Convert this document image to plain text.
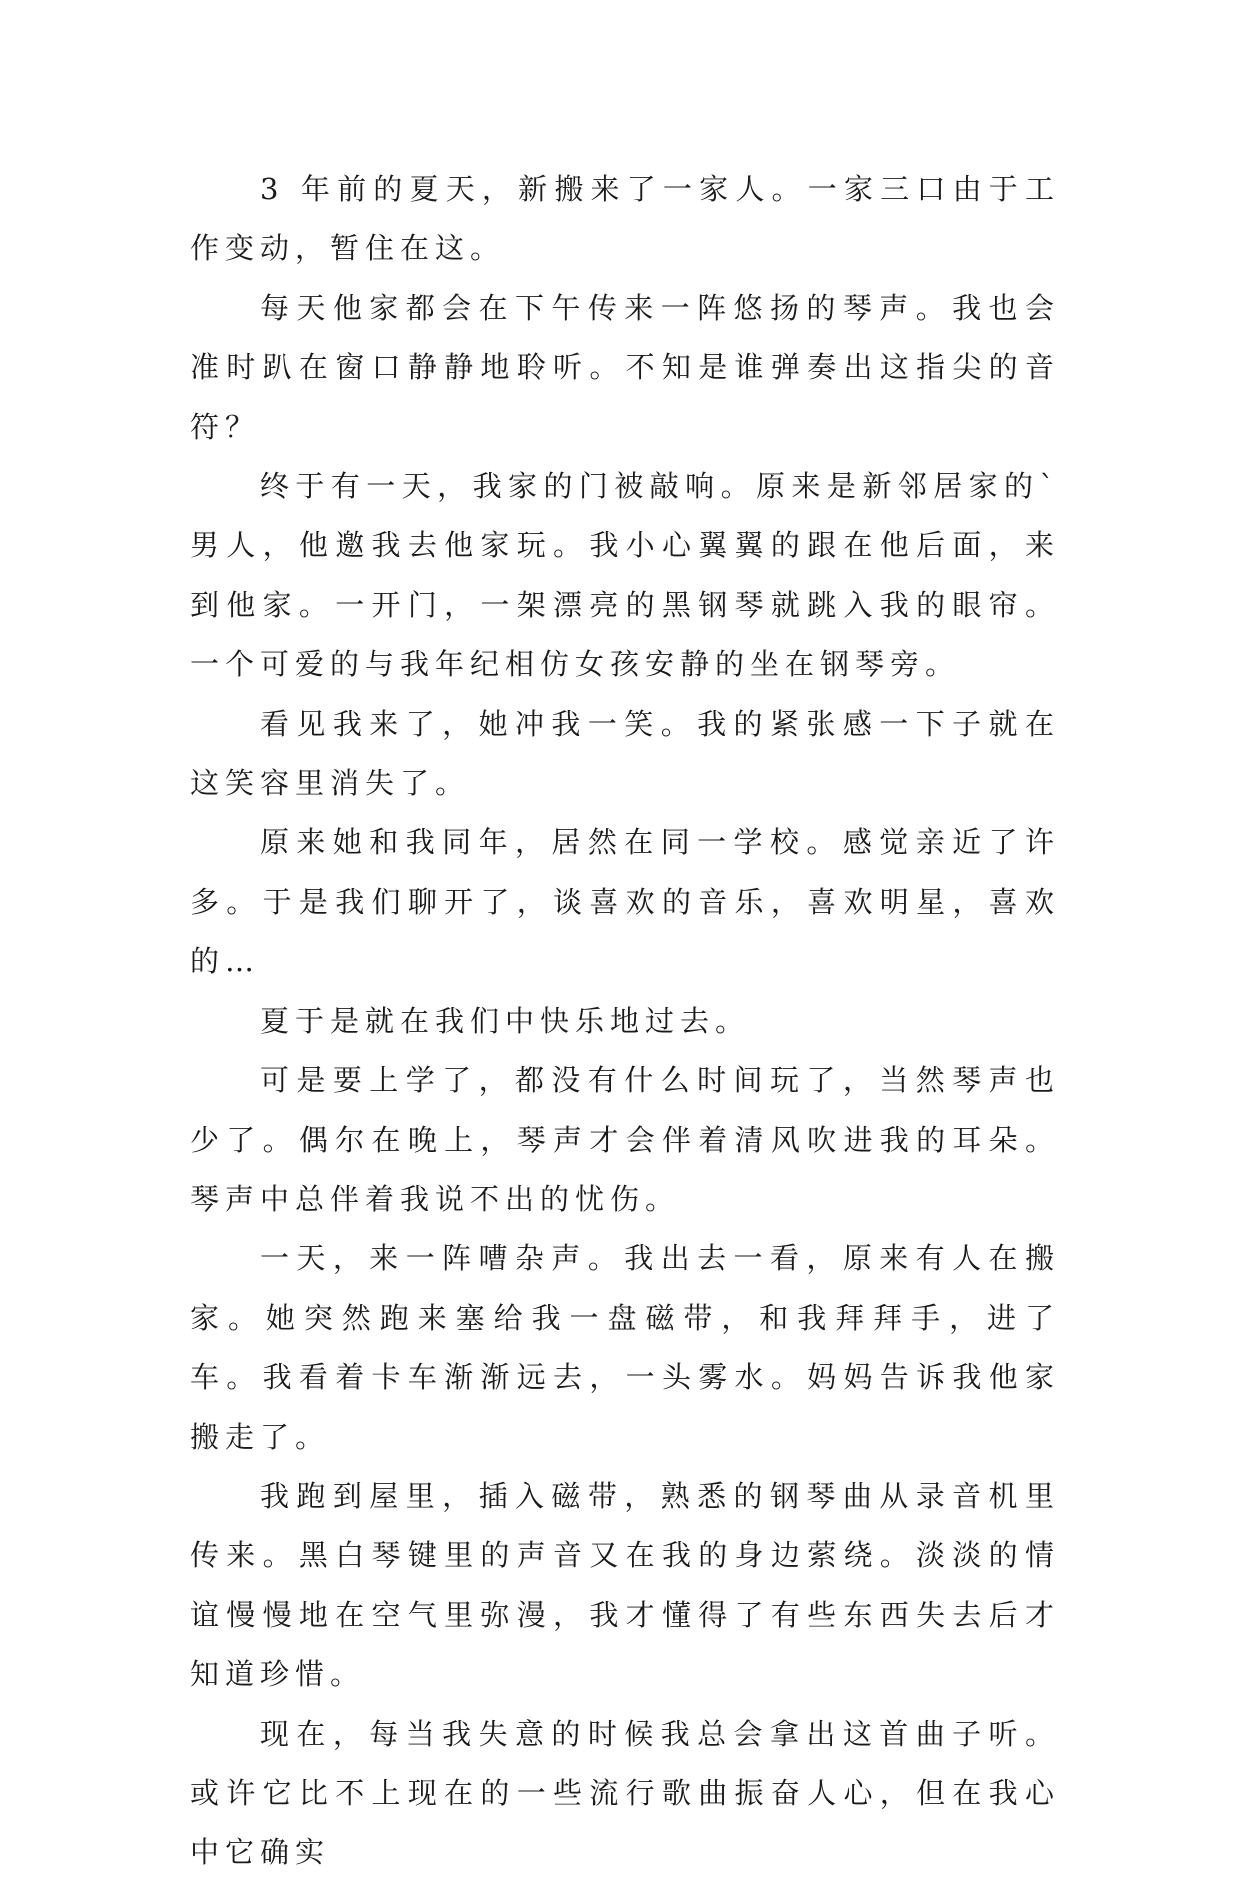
3 年前的夏天，新搬来了一家人。一家三口由于工作变动，暂住在这。

每天他家都会在下午传来一阵悠扬的琴声。我也会准时趴在窗口静静地聆听。不知是谁弹奏出这指尖的音符？

终于有一天，我家的门被敲响。原来是新邻居家的`男人，他邀我去他家玩。我小心翼翼的跟在他后面，来到他家。一开门，一架漂亮的黑钢琴就跳入我的眼帘。一个可爱的与我年纪相仿女孩安静的坐在钢琴旁。

看见我来了，她冲我一笑。我的紧张感一下子就在这笑容里消失了。

原来她和我同年，居然在同一学校。感觉亲近了许多。于是我们聊开了，谈喜欢的音乐，喜欢明星，喜欢的…

夏于是就在我们中快乐地过去。

可是要上学了，都没有什么时间玩了，当然琴声也少了。偶尔在晚上，琴声才会伴着清风吹进我的耳朵。琴声中总伴着我说不出的忧伤。

一天，来一阵嘈杂声。我出去一看，原来有人在搬家。她突然跑来塞给我一盘磁带，和我拜拜手，进了车。我看着卡车渐渐远去，一头雾水。妈妈告诉我他家搬走了。

我跑到屋里，插入磁带，熟悉的钢琴曲从录音机里传来。黑白琴键里的声音又在我的身边萦绕。淡淡的情谊慢慢地在空气里弥漫，我才懂得了有些东西失去后才知道珍惜。

现在，每当我失意的时候我总会拿出这首曲子听。或许它比不上现在的一些流行歌曲振奋人心，但在我心中它确实
